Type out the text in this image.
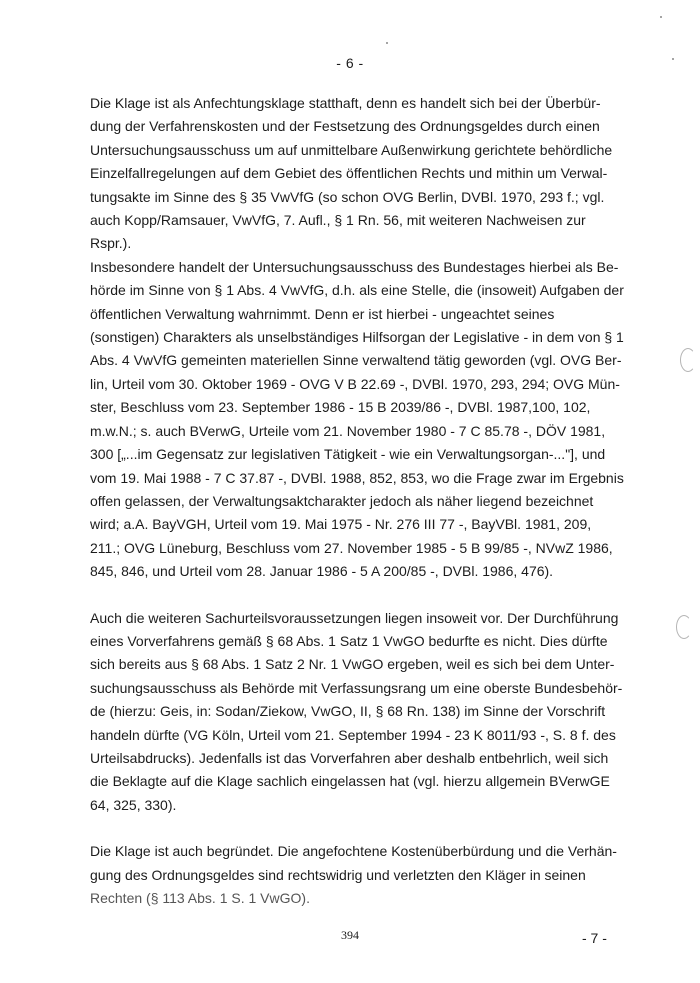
- 6 -

Die Klage ist als Anfechtungsklage statthaft, denn es handelt sich bei der Überbür-

dung der Verfahrenskosten und der Festsetzung des Ordnungsgeldes durch einen

Untersuchungsausschuss um auf unmittelbare Außenwirkung gerichtete behördliche

Einzelfallregelungen auf dem Gebiet des öffentlichen Rechts und mithin um Verwal-

tungsakte im Sinne des § 35 VwVfG (so schon OVG Berlin, DVBl. 1970, 293 f.; vgl.

auch Kopp/Ramsauer, VwVfG, 7. Aufl., § 1 Rn. 56, mit weiteren Nachweisen zur

Rspr.).

Insbesondere handelt der Untersuchungsausschuss des Bundestages hierbei als Be-

hörde im Sinne von § 1 Abs. 4 VwVfG, d.h. als eine Stelle, die (insoweit) Aufgaben der

öffentlichen Verwaltung wahrnimmt. Denn er ist hierbei - ungeachtet seines

(sonstigen) Charakters als unselbständiges Hilfsorgan der Legislative - in dem von § 1

Abs. 4 VwVfG gemeinten materiellen Sinne verwaltend tätig geworden (vgl. OVG Ber-

lin, Urteil vom 30. Oktober 1969 - OVG V B 22.69 -, DVBl. 1970, 293, 294; OVG Mün-

ster, Beschluss vom 23. September 1986 - 15 B 2039/86 -, DVBl. 1987,100, 102,

m.w.N.; s. auch BVerwG, Urteile vom 21. November 1980 - 7 C 85.78 -, DÖV 1981,

300 [„...im Gegensatz zur legislativen Tätigkeit - wie ein Verwaltungsorgan-..."], und

vom 19. Mai 1988 - 7 C 37.87 -, DVBl. 1988, 852, 853, wo die Frage zwar im Ergebnis

offen gelassen, der Verwaltungsaktcharakter jedoch als näher liegend bezeichnet

wird; a.A. BayVGH, Urteil vom 19. Mai 1975 - Nr. 276 III 77 -, BayVBl. 1981, 209,

211.; OVG Lüneburg, Beschluss vom 27. November 1985 - 5 B 99/85 -, NVwZ 1986,

845, 846, und Urteil vom 28. Januar 1986 - 5 A 200/85 -, DVBl. 1986, 476).

Auch die weiteren Sachurteilsvoraussetzungen liegen insoweit vor. Der Durchführung

eines Vorverfahrens gemäß § 68 Abs. 1 Satz 1 VwGO bedurfte es nicht. Dies dürfte

sich bereits aus § 68 Abs. 1 Satz 2 Nr. 1 VwGO ergeben, weil es sich bei dem Unter-

suchungsausschuss als Behörde mit Verfassungsrang um eine oberste Bundesbehör-

de (hierzu: Geis, in: Sodan/Ziekow, VwGO, II, § 68 Rn. 138) im Sinne der Vorschrift

handeln dürfte (VG Köln, Urteil vom 21. September 1994 - 23 K 8011/93 -, S. 8 f. des

Urteilsabdrucks). Jedenfalls ist das Vorverfahren aber deshalb entbehrlich, weil sich

die Beklagte auf die Klage sachlich eingelassen hat (vgl. hierzu allgemein BVerwGE

64, 325, 330).

Die Klage ist auch begründet. Die angefochtene Kostenüberbürdung und die Verhän-

gung des Ordnungsgeldes sind rechtswidrig und verletzten den Kläger in seinen

Rechten (§ 113 Abs. 1 S. 1 VwGO).

394	- 7 -
